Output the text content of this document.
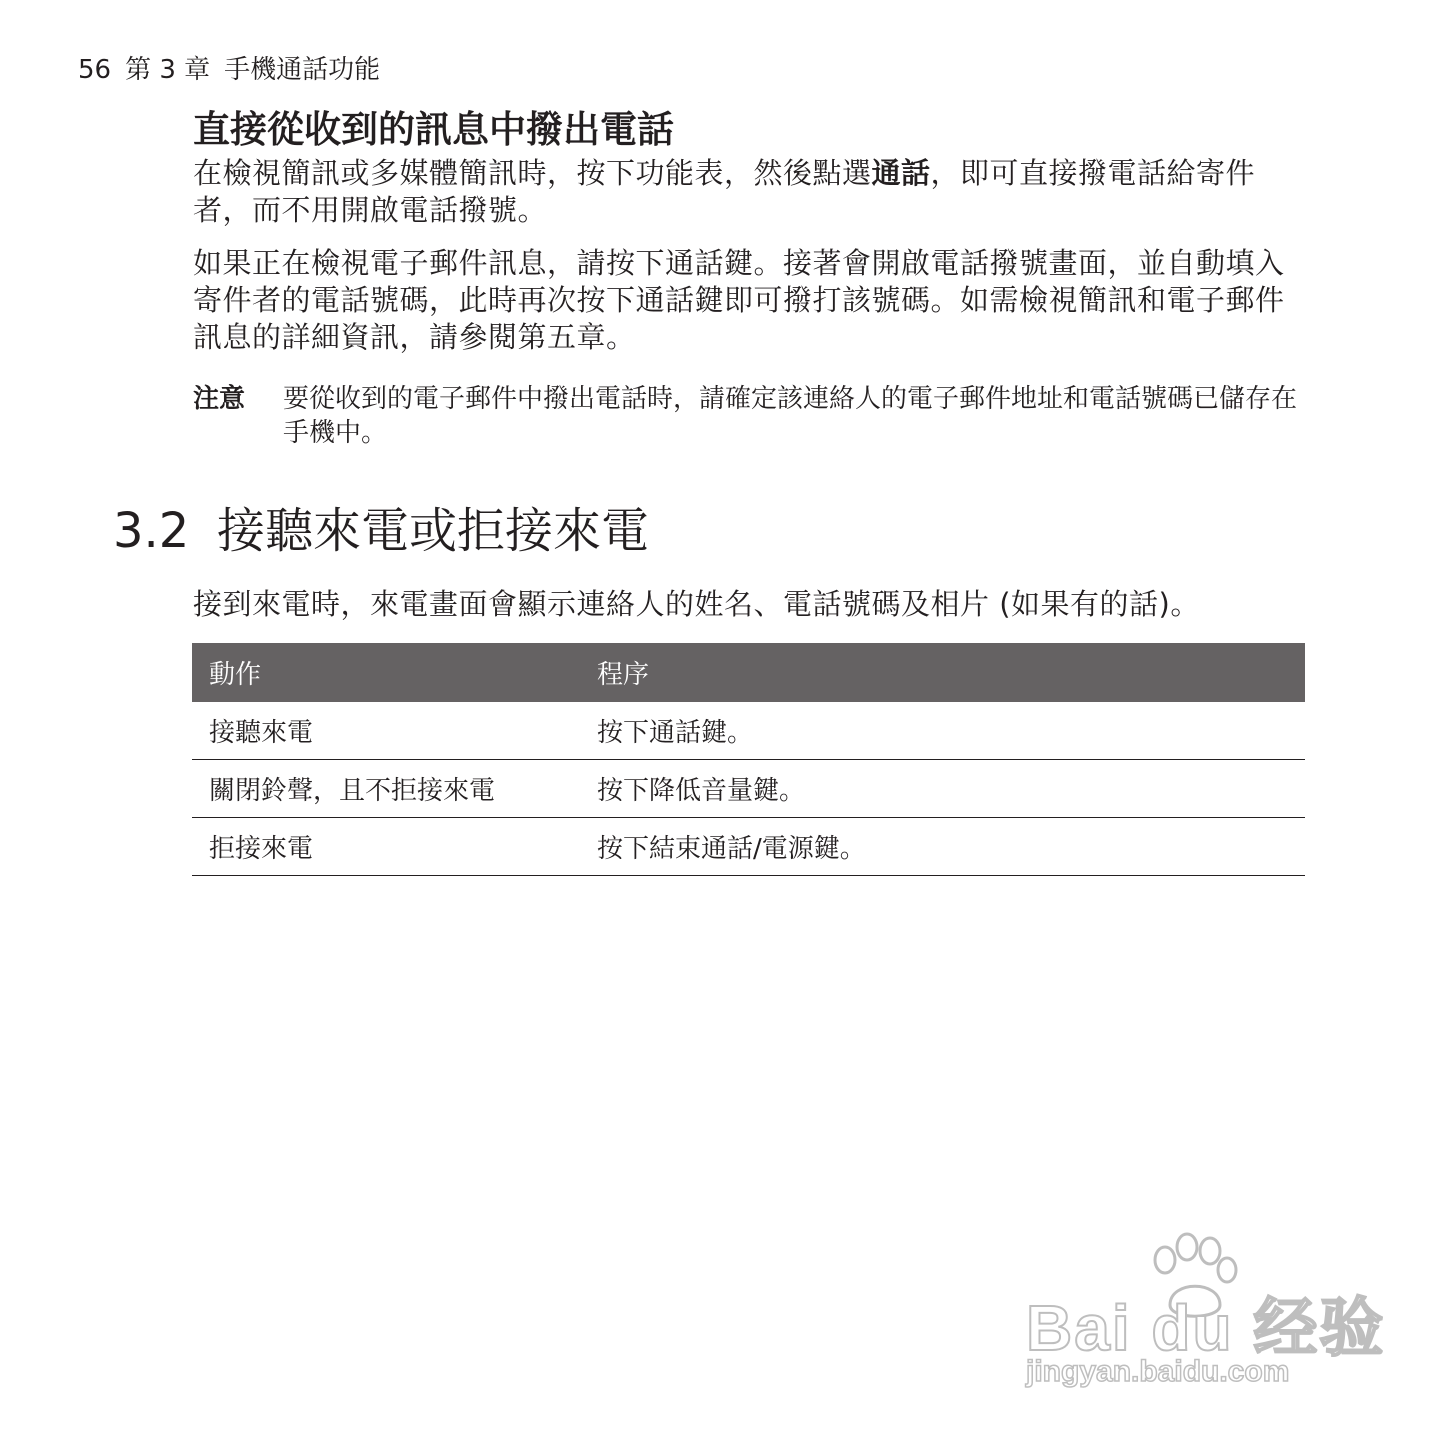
56 第 3 章 手機通話功能
直接從收到的訊息中撥出電話

在檢視簡訊或多媒體簡訊時，按下功能表，然後點選通話，即可直接撥電話給寄件者，而不用開啟電話撥號。

如果正在檢視電子郵件訊息，請按下通話鍵。接著會開啟電話撥號畫面，並自動填入寄件者的電話號碼，此時再次按下通話鍵即可撥打該號碼。如需檢視簡訊和電子郵件訊息的詳細資訊，請參閱第五章。

注意 要從收到的電子郵件中撥出電話時，請確定該連絡人的電子郵件地址和電話號碼已儲存在手機中。
3.2 接聽來電或拒接來電

接到來電時，來電畫面會顯示連絡人的姓名、電話號碼及相片 (如果有的話)。

動作	程序
接聽來電	按下通話鍵。
關閉鈴聲，且不拒接來電	按下降低音量鍵。
拒接來電	按下結束通話/電源鍵。
Bai du 经验
jingyan.baidu.com
